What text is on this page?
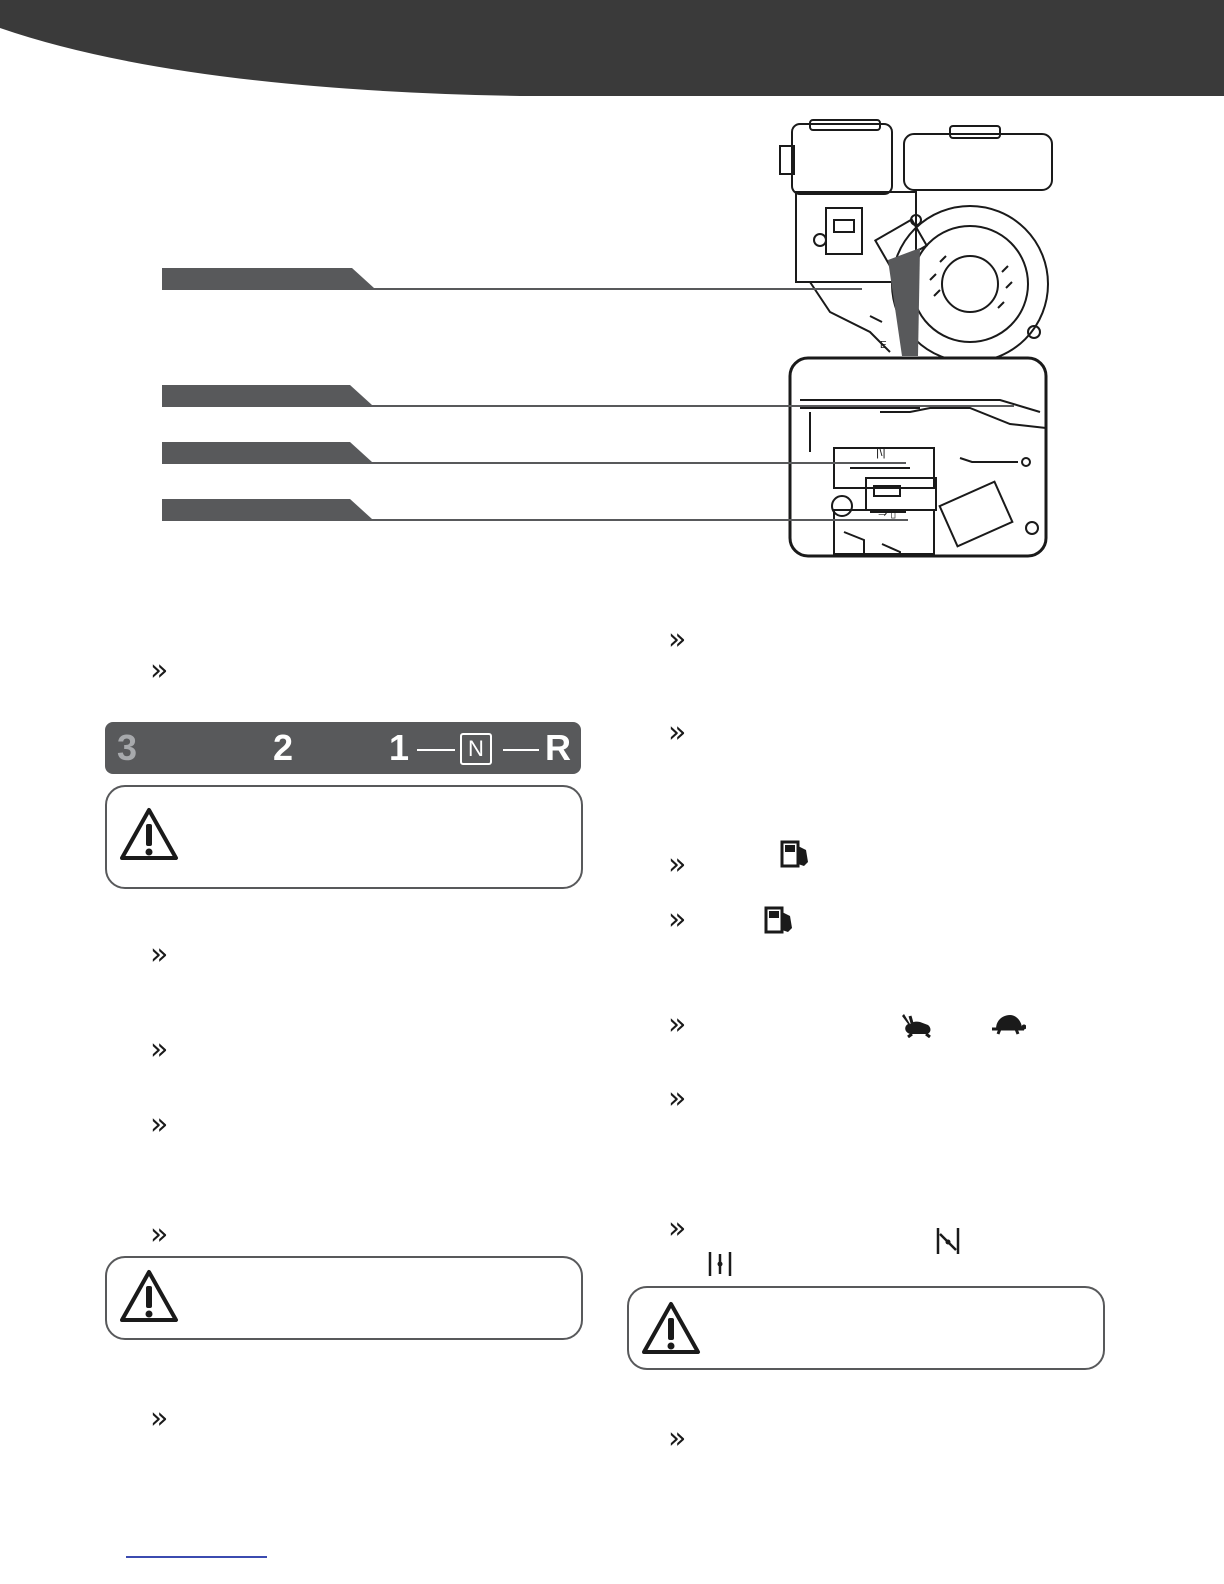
|\|
⇒ ▯
E
»
3	2	1	N R
»
»
»
»
»
»
»
»
»
»
»
»
»
